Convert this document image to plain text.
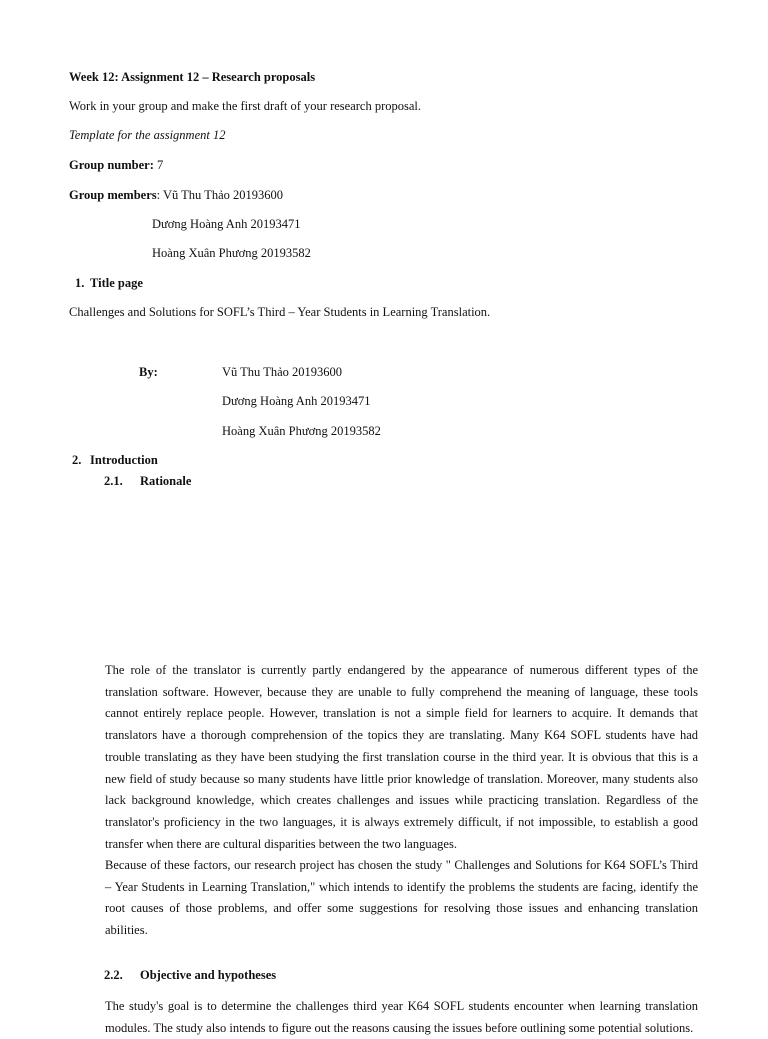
Week 12: Assignment 12 – Research proposals
Work in your group and make the first draft of your research proposal.
Template for the assignment 12
Group number: 7
Group members: Vũ Thu Thảo 20193600
Dương Hoàng Anh 20193471
Hoàng Xuân Phương 20193582
1. Title page
Challenges and Solutions for SOFL’s Third – Year Students in Learning Translation.
By:	Vũ Thu Thảo 20193600
Dương Hoàng Anh 20193471
Hoàng Xuân Phương 20193582
2. Introduction
2.1. Rationale

The role of the translator is currently partly endangered by the appearance of numerous different types of the translation software. However, because they are unable to fully comprehend the meaning of language, these tools cannot entirely replace people. However, translation is not a simple field for learners to acquire. It demands that translators have a thorough comprehension of the topics they are translating. Many K64 SOFL students have had trouble translating as they have been studying the first translation course in the third year. It is obvious that this is a new field of study because so many students have little prior knowledge of translation. Moreover, many students also lack background knowledge, which creates challenges and issues while practicing translation. Regardless of the translator's proficiency in the two languages, it is always extremely difficult, if not impossible, to establish a good transfer when there are cultural disparities between the two languages.

Because of these factors, our research project has chosen the study " Challenges and Solutions for K64 SOFL’s Third – Year Students in Learning Translation," which intends to identify the problems the students are facing, identify the root causes of those problems, and offer some suggestions for resolving those issues and enhancing translation abilities.

2.2. Objective and hypotheses

The study's goal is to determine the challenges third year K64 SOFL students encounter when learning translation modules. The study also intends to figure out the reasons causing the issues before outlining some potential solutions.
